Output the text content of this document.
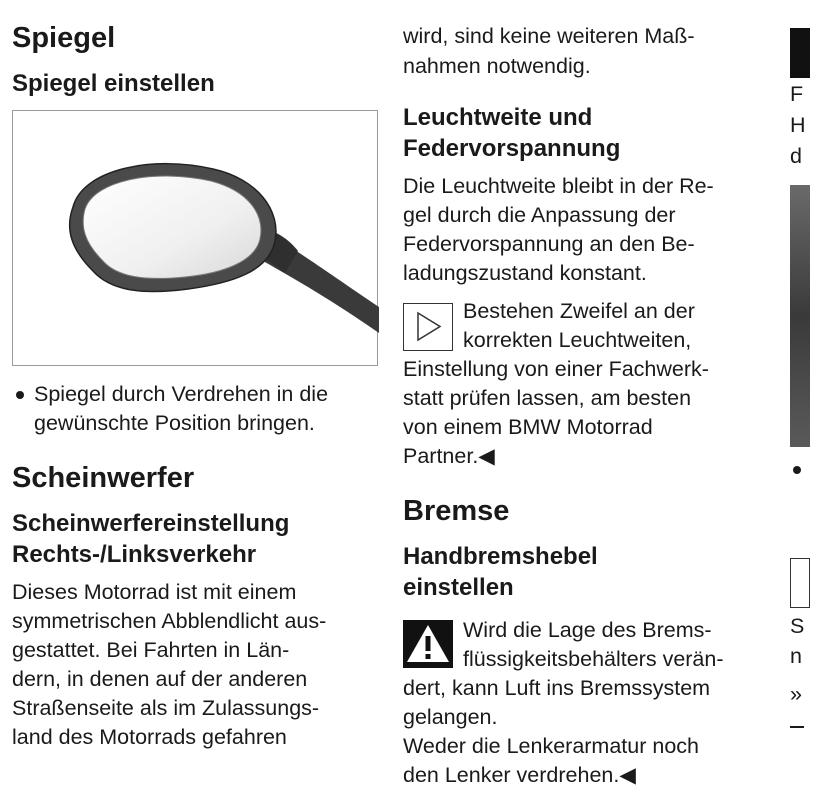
Spiegel
Spiegel einstellen

Spiegel durch Verdrehen in die

gewünschte Position bringen.

Scheinwerfer
Scheinwerfereinstellung
Rechts-/Linksverkehr

Dieses Motorrad ist mit einem

symmetrischen Abblendlicht aus-

gestattet. Bei Fahrten in Län-

dern, in denen auf der anderen

Straßenseite als im Zulassungs-

land des Motorrads gefahren

wird, sind keine weiteren Maß-

nahmen notwendig.

Leuchtweite und
Federvorspannung

Die Leuchtweite bleibt in der Re-

gel durch die Anpassung der

Federvorspannung an den Be-

ladungszustand konstant.

Bestehen Zweifel an der

korrekten Leuchtweiten,

Einstellung von einer Fachwerk-

statt prüfen lassen, am besten

von einem BMW Motorrad

Partner.◀

Bremse
Handbremshebel
einstellen

Wird die Lage des Brems-

flüssigkeitsbehälters verän-

dert, kann Luft ins Bremssystem

gelangen.

Weder die Lenkerarmatur noch

den Lenker verdrehen.◀

F
H
d
S
n
»
